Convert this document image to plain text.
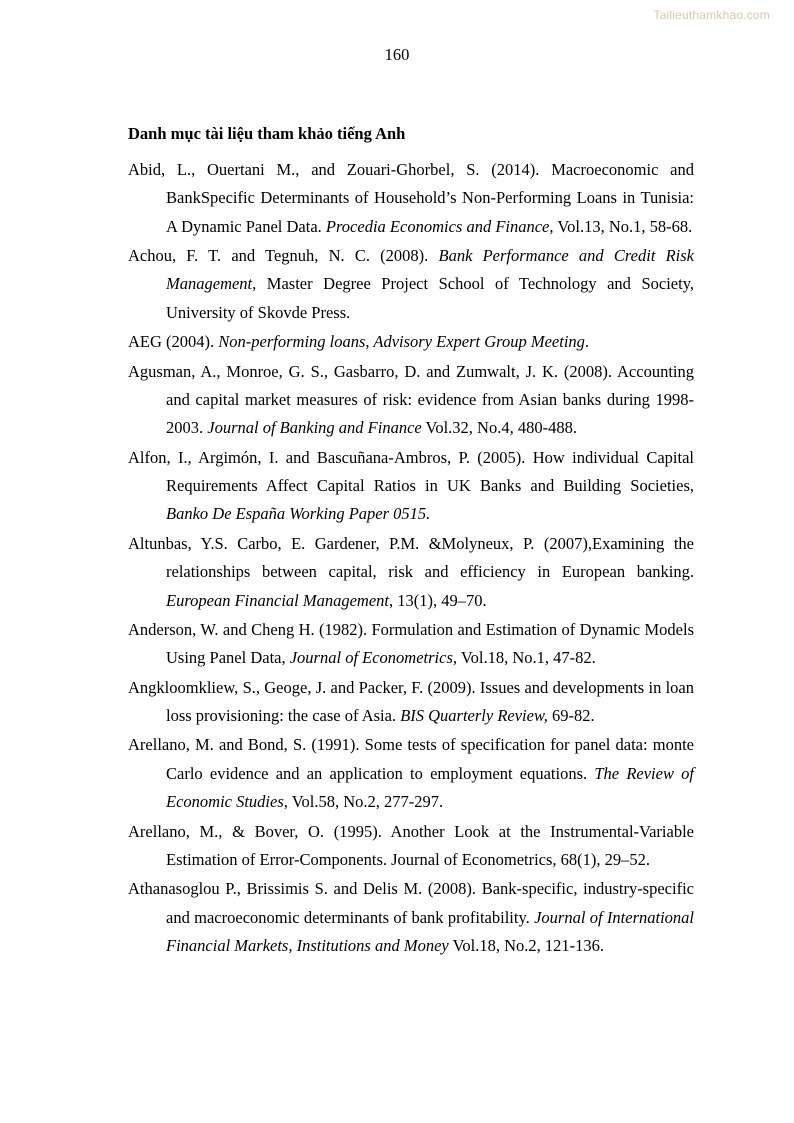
Tailieuthamkhao.com
160
Danh mục tài liệu tham khảo tiếng Anh

Abid, L., Ouertani M., and Zouari-Ghorbel, S. (2014). Macroeconomic and BankSpecific Determinants of Household’s Non-Performing Loans in Tunisia: A Dynamic Panel Data. Procedia Economics and Finance, Vol.13, No.1, 58-68.

Achou, F. T. and Tegnuh, N. C. (2008). Bank Performance and Credit Risk Management, Master Degree Project School of Technology and Society, University of Skovde Press.

AEG (2004). Non-performing loans, Advisory Expert Group Meeting.

Agusman, A., Monroe, G. S., Gasbarro, D. and Zumwalt, J. K. (2008). Accounting and capital market measures of risk: evidence from Asian banks during 1998-2003. Journal of Banking and Finance Vol.32, No.4, 480-488.

Alfon, I., Argimón, I. and Bascuñana-Ambros, P. (2005). How individual Capital Requirements Affect Capital Ratios in UK Banks and Building Societies, Banko De España Working Paper 0515.

Altunbas, Y.S. Carbo, E. Gardener, P.M. &Molyneux, P. (2007),Examining the relationships between capital, risk and efficiency in European banking. European Financial Management, 13(1), 49–70.

Anderson, W. and Cheng H. (1982). Formulation and Estimation of Dynamic Models Using Panel Data, Journal of Econometrics, Vol.18, No.1, 47-82.

Angkloomkliew, S., Geoge, J. and Packer, F. (2009). Issues and developments in loan loss provisioning: the case of Asia. BIS Quarterly Review, 69-82.

Arellano, M. and Bond, S. (1991). Some tests of specification for panel data: monte Carlo evidence and an application to employment equations. The Review of Economic Studies, Vol.58, No.2, 277-297.

Arellano, M., & Bover, O. (1995). Another Look at the Instrumental-Variable Estimation of Error-Components. Journal of Econometrics, 68(1), 29–52.

Athanasoglou P., Brissimis S. and Delis M. (2008). Bank-specific, industry-specific and macroeconomic determinants of bank profitability. Journal of International Financial Markets, Institutions and Money Vol.18, No.2, 121-136.
